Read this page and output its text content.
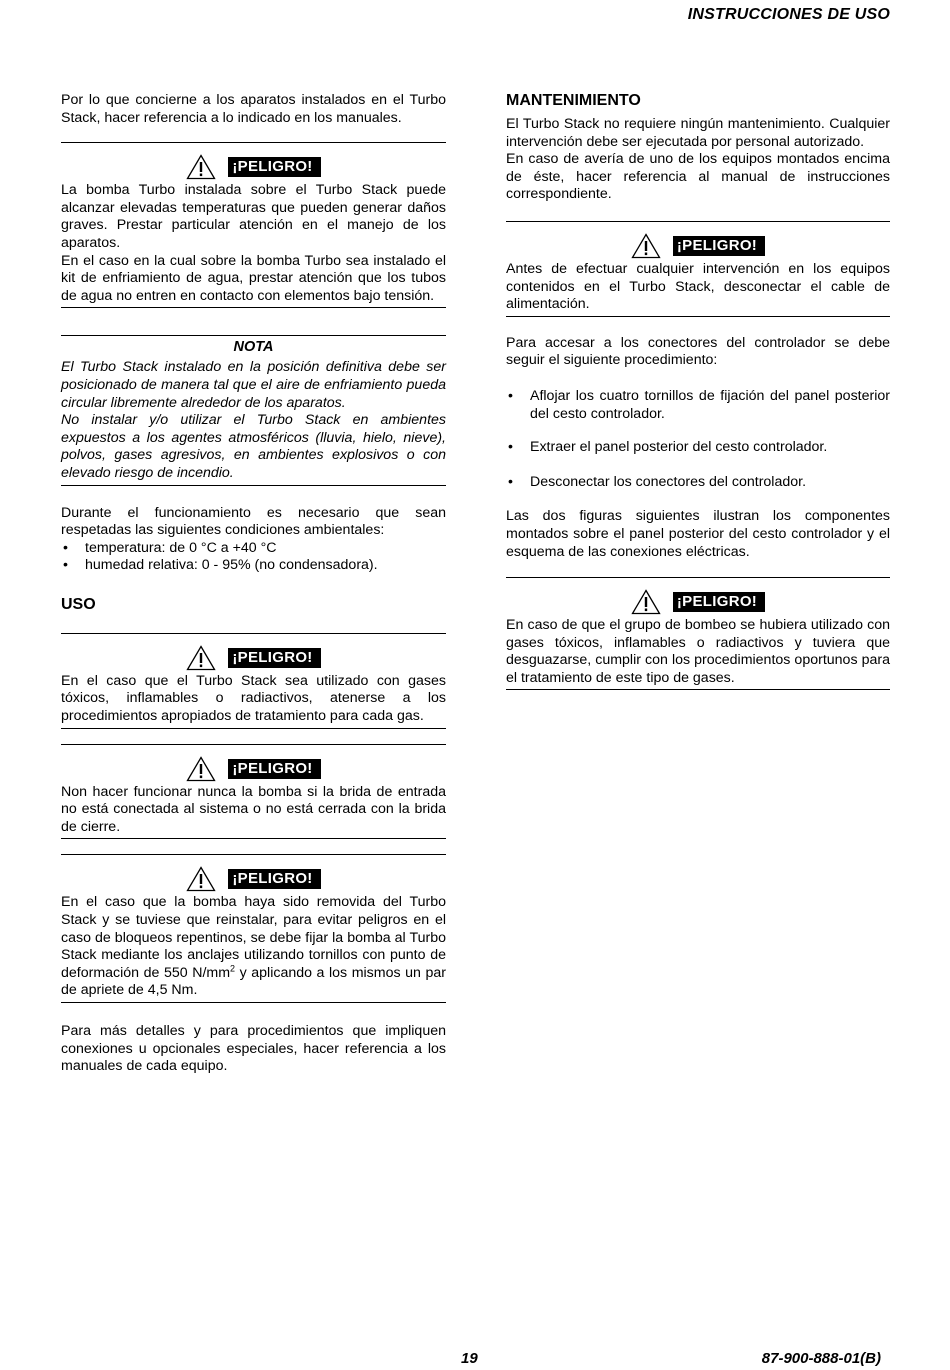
INSTRUCCIONES DE USO

Por lo que concierne a los aparatos instalados en el Turbo Stack, hacer referencia a lo indicado en los manuales.

¡PELIGRO!

La bomba Turbo instalada sobre el Turbo Stack puede alcanzar elevadas temperaturas que pueden generar daños graves. Prestar particular atención en el manejo de los aparatos.

En el caso en la cual sobre la bomba Turbo sea instalado el kit de enfriamiento de agua, prestar atención que los tubos de agua no entren en contacto con elementos bajo tensión.

NOTA

El Turbo Stack instalado en la posición definitiva debe ser posicionado de manera tal que el aire de enfriamiento pueda circular libremente alrededor de los aparatos.

No instalar y/o utilizar el Turbo Stack en ambientes expuestos a los agentes atmosféricos (lluvia, hielo, nieve), polvos, gases agresivos, en ambientes explosivos o con elevado riesgo de incendio.

Durante el funcionamiento es necesario que sean respetadas las siguientes condiciones ambientales:

• temperatura: de 0 °C a +40 °C
• humedad relativa: 0 - 95% (no condensadora).

USO

¡PELIGRO!

En el caso que el Turbo Stack sea utilizado con gases tóxicos, inflamables o radiactivos, atenerse a los procedimientos apropiados de tratamiento para cada gas.

¡PELIGRO!

Non hacer funcionar nunca la bomba si la brida de entrada no está conectada al sistema o no está cerrada con la brida de cierre.

¡PELIGRO!

En el caso que la bomba haya sido removida del Turbo Stack y se tuviese que reinstalar, para evitar peligros en el caso de bloqueos repentinos, se debe fijar la bomba al Turbo Stack mediante los anclajes utilizando tornillos con punto de deformación de 550 $N/mm^2$ y aplicando a los mismos un par de apriete de 4,5 Nm.

Para más detalles y para procedimientos que impliquen conexiones u opcionales especiales, hacer referencia a los manuales de cada equipo.

MANTENIMIENTO

El Turbo Stack no requiere ningún mantenimiento. Cualquier intervención debe ser ejecutada por personal autorizado.

En caso de avería de uno de los equipos montados encima de éste, hacer referencia al manual de instrucciones correspondiente.

¡PELIGRO!

Antes de efectuar cualquier intervención en los equipos contenidos en el Turbo Stack, desconectar el cable de alimentación.

Para accesar a los conectores del controlador se debe seguir el siguiente procedimiento:

• Aflojar los cuatro tornillos de fijación del panel posterior del cesto controlador.
• Extraer el panel posterior del cesto controlador.
• Desconectar los conectores del controlador.

Las dos figuras siguientes ilustran los componentes montados sobre el panel posterior del cesto controlador y el esquema de las conexiones eléctricas.

¡PELIGRO!

En caso de que el grupo de bombeo se hubiera utilizado con gases tóxicos, inflamables o radiactivos y tuviera que desguazarse, cumplir con los procedimientos oportunos para el tratamiento de este tipo de gases.

19	87-900-888-01(B)
